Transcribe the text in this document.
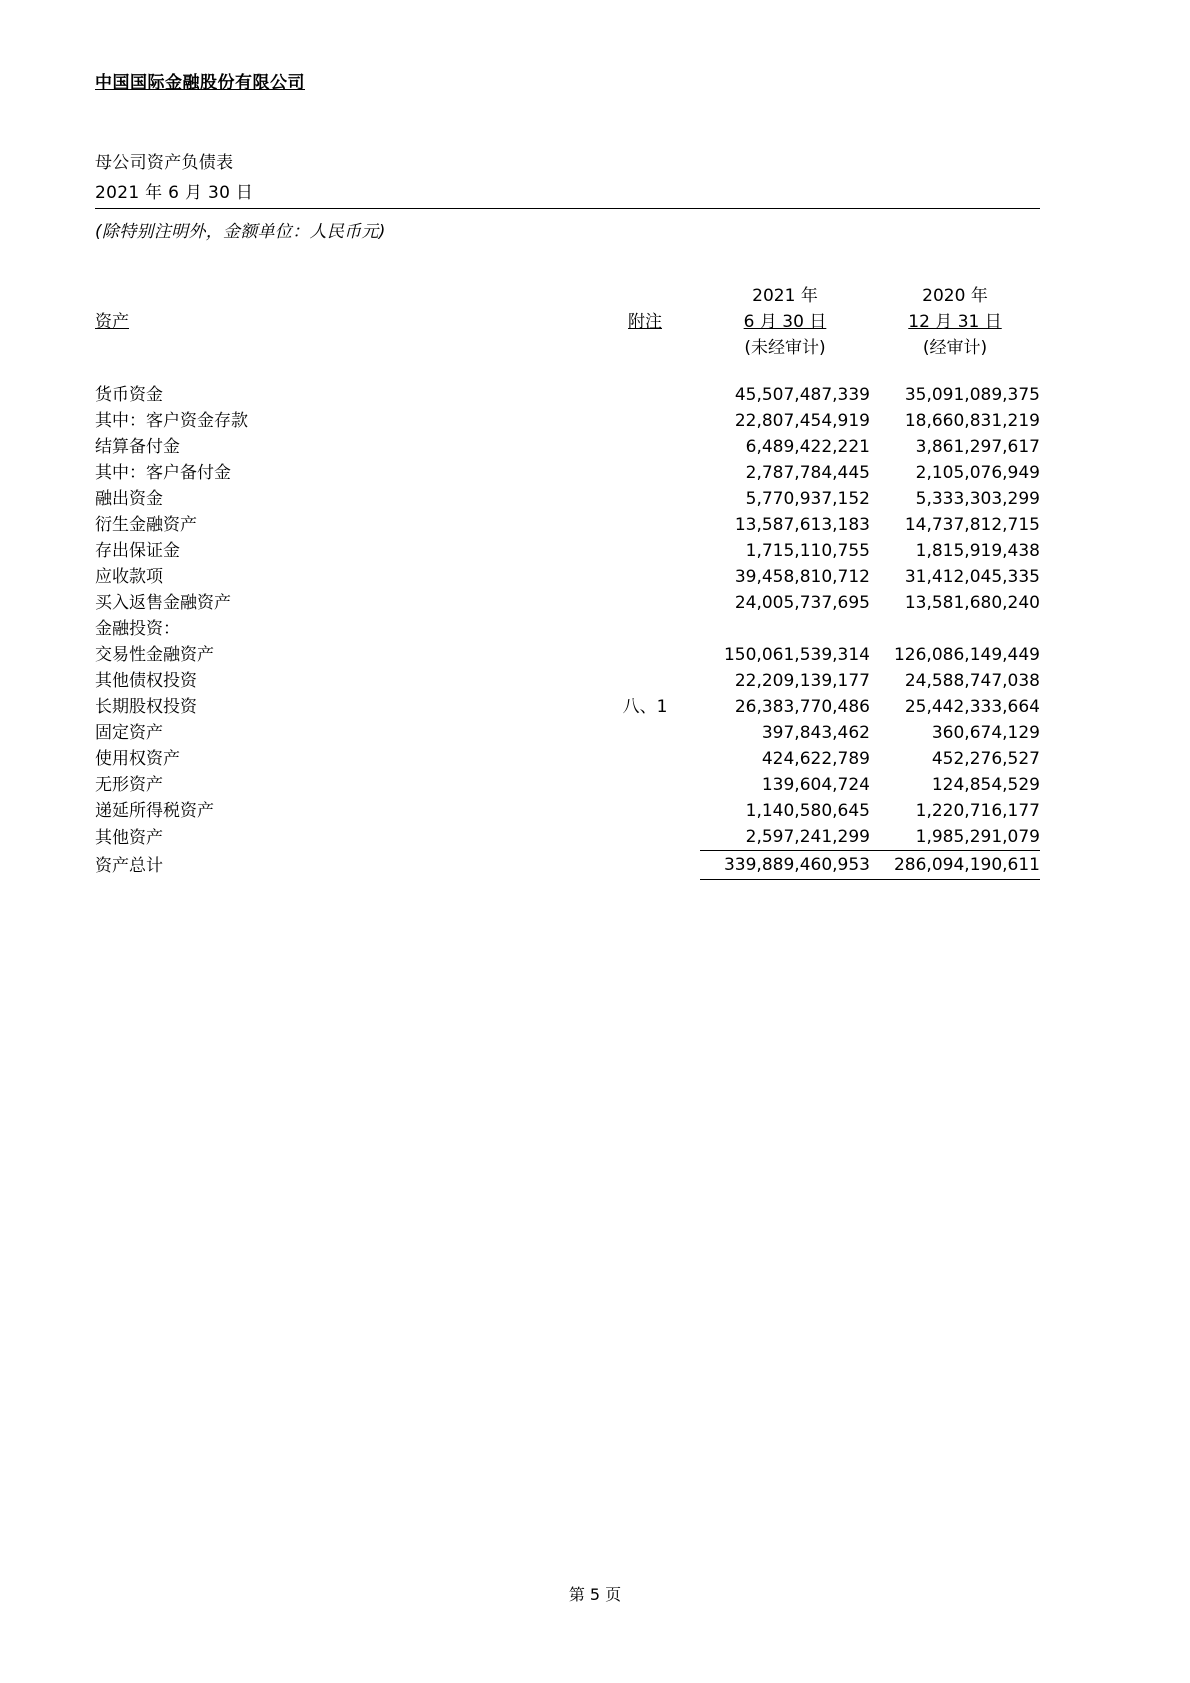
中国国际金融股份有限公司
母公司资产负债表
2021 年 6 月 30 日
(除特别注明外，金额单位：人民币元)
		2021 年	2020 年
资产	附注	6 月 30 日	12 月 31 日
		(未经审计)	(经审计)

货币资金		45,507,487,339	35,091,089,375
其中：客户资金存款		22,807,454,919	18,660,831,219
结算备付金		6,489,422,221	3,861,297,617
其中：客户备付金		2,787,784,445	2,105,076,949
融出资金		5,770,937,152	5,333,303,299
衍生金融资产		13,587,613,183	14,737,812,715
存出保证金		1,715,110,755	1,815,919,438
应收款项		39,458,810,712	31,412,045,335
买入返售金融资产		24,005,737,695	13,581,680,240
金融投资：			
交易性金融资产		150,061,539,314	126,086,149,449
其他债权投资		22,209,139,177	24,588,747,038
长期股权投资	八、1	26,383,770,486	25,442,333,664
固定资产		397,843,462	360,674,129
使用权资产		424,622,789	452,276,527
无形资产		139,604,724	124,854,529
递延所得税资产		1,140,580,645	1,220,716,177
其他资产		2,597,241,299	1,985,291,079
资产总计		339,889,460,953	286,094,190,611
第 5 页
